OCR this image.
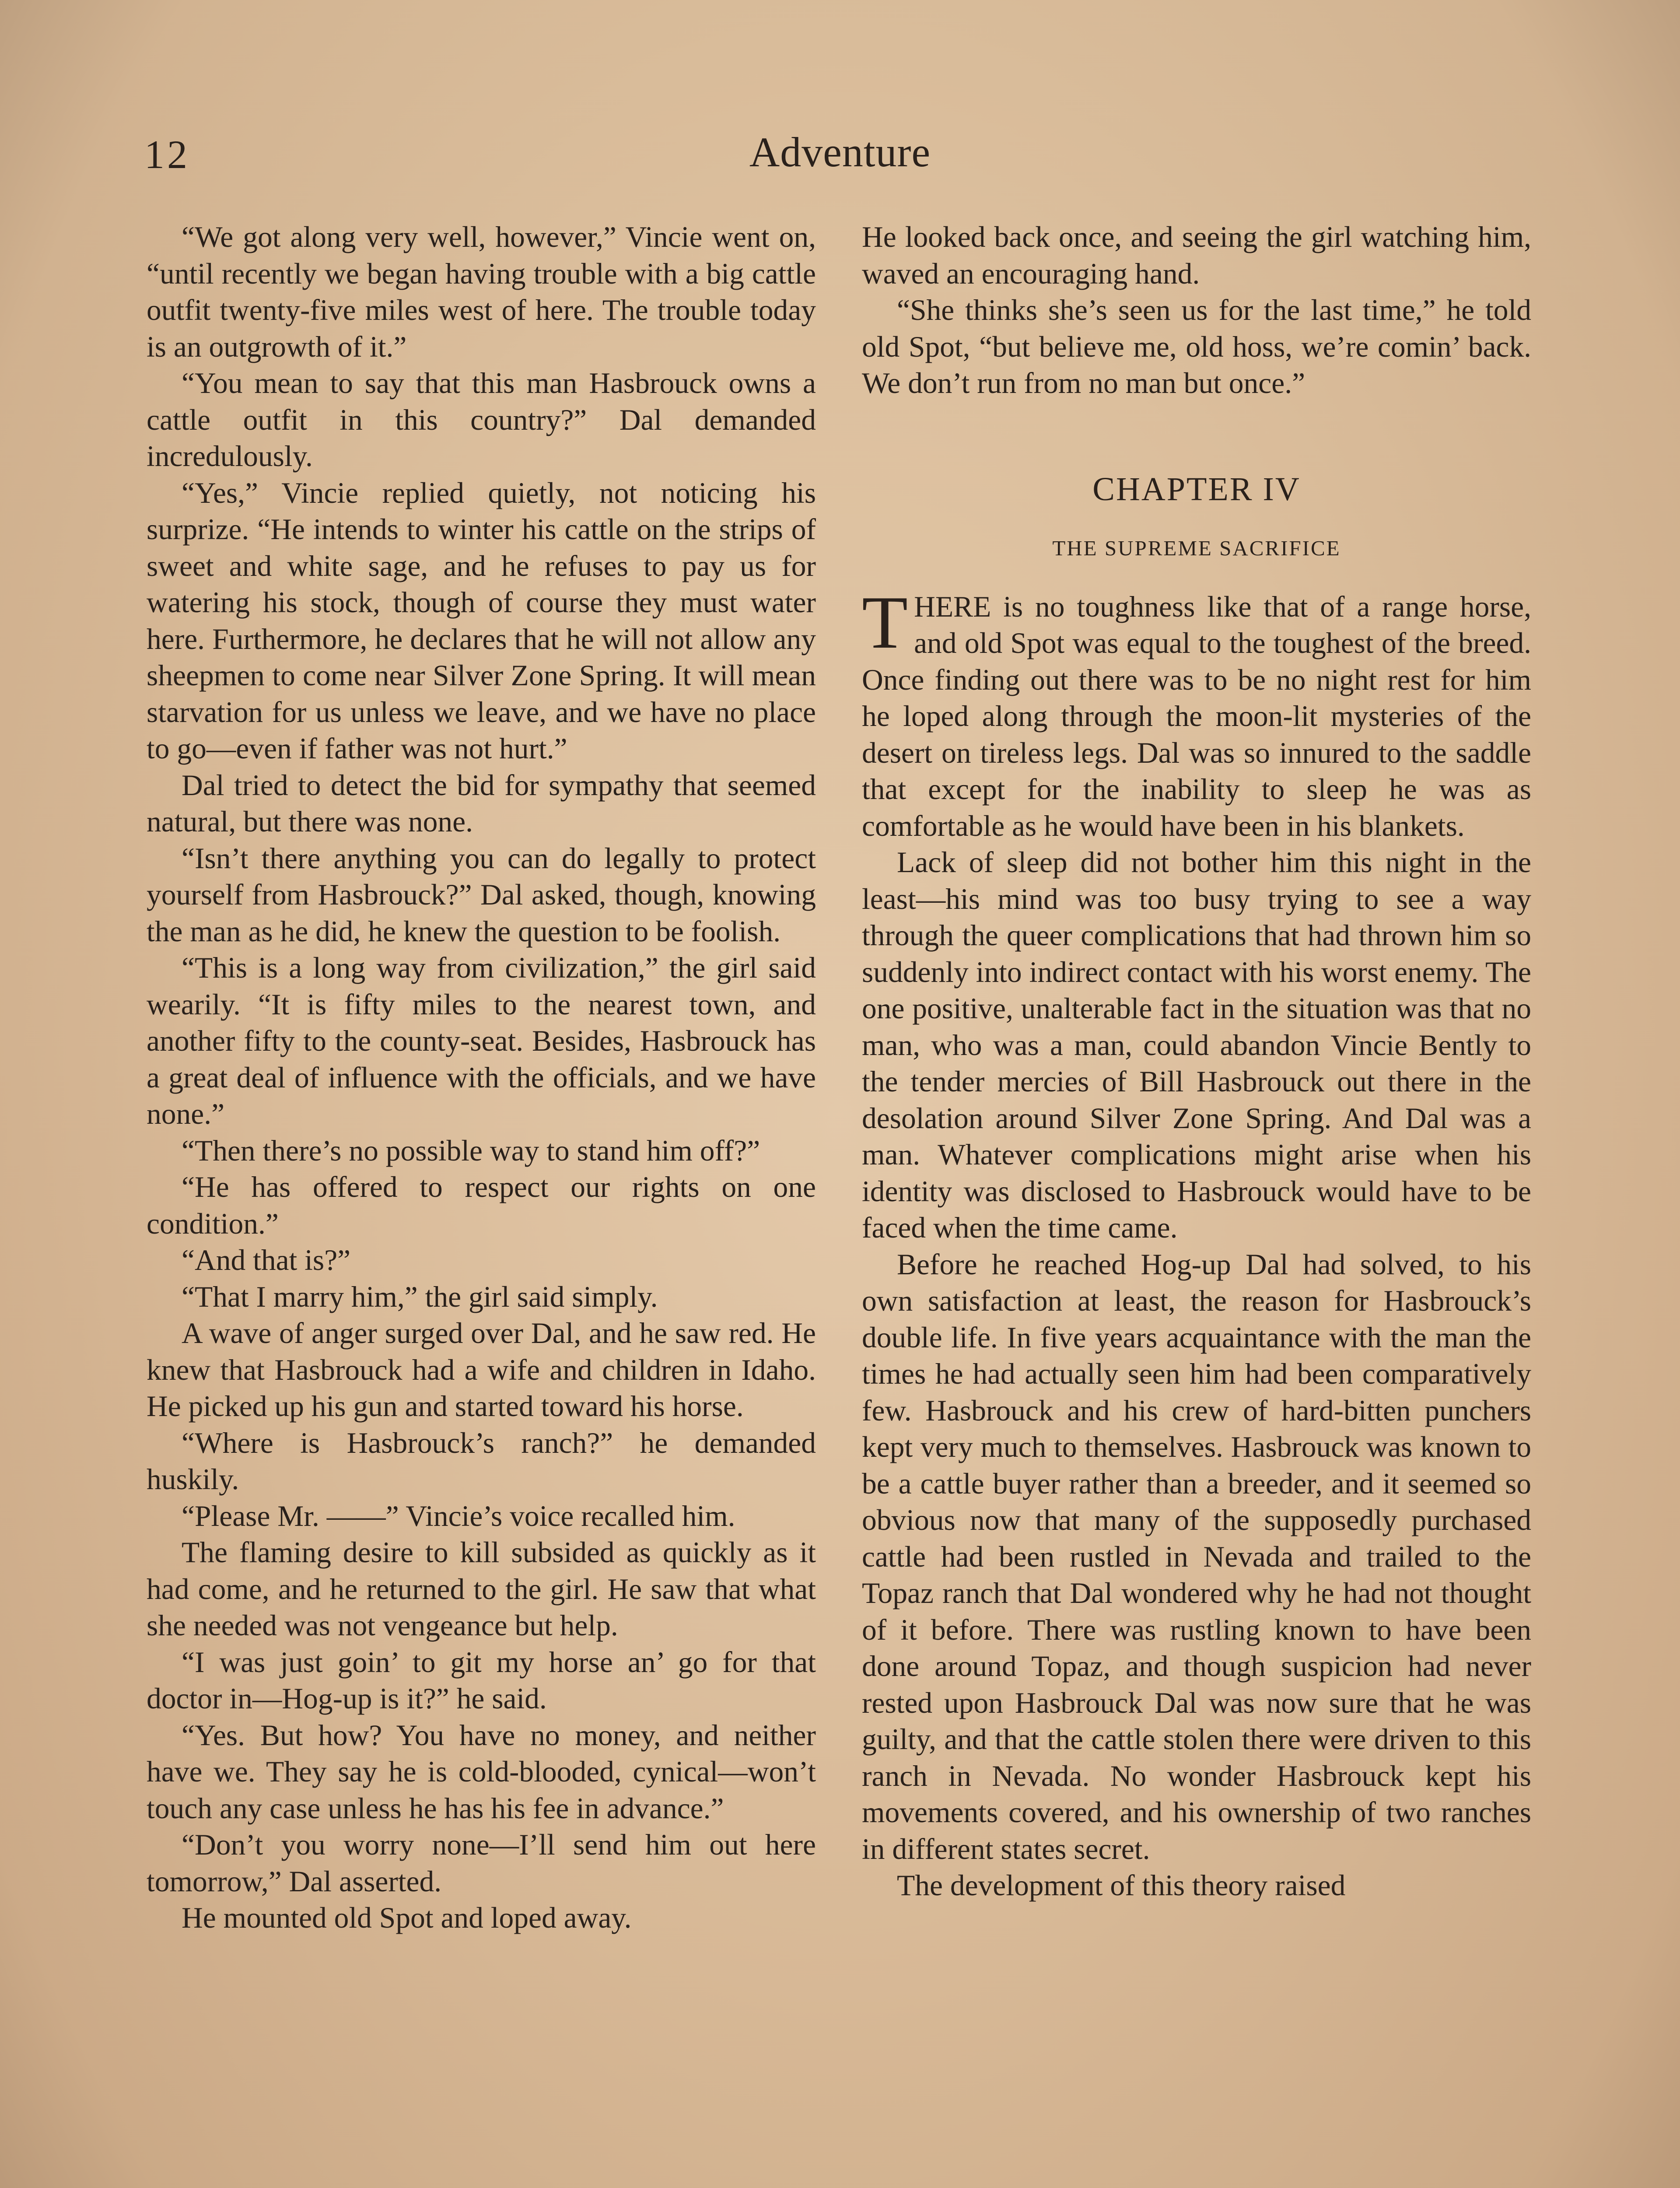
12	Adventure

“We got along very well, however,” Vincie went on, “until recently we began having trouble with a big cattle outfit twenty-five miles west of here. The trouble today is an outgrowth of it.”

“You mean to say that this man Hasbrouck owns a cattle outfit in this country?” Dal demanded incredulously.

“Yes,” Vincie replied quietly, not noticing his surprize. “He intends to winter his cattle on the strips of sweet and white sage, and he refuses to pay us for watering his stock, though of course they must water here. Furthermore, he declares that he will not allow any sheepmen to come near Silver Zone Spring. It will mean starvation for us unless we leave, and we have no place to go—even if father was not hurt.”

Dal tried to detect the bid for sympathy that seemed natural, but there was none.

“Isn’t there anything you can do legally to protect yourself from Hasbrouck?” Dal asked, though, knowing the man as he did, he knew the question to be foolish.

“This is a long way from civilization,” the girl said wearily. “It is fifty miles to the nearest town, and another fifty to the county-seat. Besides, Hasbrouck has a great deal of influence with the officials, and we have none.”

“Then there’s no possible way to stand him off?”

“He has offered to respect our rights on one condition.”

“And that is?”

“That I marry him,” the girl said simply.

A wave of anger surged over Dal, and he saw red. He knew that Hasbrouck had a wife and children in Idaho. He picked up his gun and started toward his horse.

“Where is Hasbrouck’s ranch?” he demanded huskily.

“Please Mr. ——” Vincie’s voice recalled him.

The flaming desire to kill subsided as quickly as it had come, and he returned to the girl. He saw that what she needed was not vengeance but help.

“I was just goin’ to git my horse an’ go for that doctor in—Hog-up is it?” he said.

“Yes. But how? You have no money, and neither have we. They say he is cold-blooded, cynical—won’t touch any case unless he has his fee in advance.”

“Don’t you worry none—I’ll send him out here tomorrow,” Dal asserted.

He mounted old Spot and loped away.

He looked back once, and seeing the girl watching him, waved an encouraging hand.

“She thinks she’s seen us for the last time,” he told old Spot, “but believe me, old hoss, we’re comin’ back. We don’t run from no man but once.”

CHAPTER IV
THE SUPREME SACRIFICE

THERE is no toughness like that of a range horse, and old Spot was equal to the toughest of the breed. Once finding out there was to be no night rest for him he loped along through the moon-lit mysteries of the desert on tireless legs. Dal was so innured to the saddle that except for the inability to sleep he was as comfortable as he would have been in his blankets.

Lack of sleep did not bother him this night in the least—his mind was too busy trying to see a way through the queer complications that had thrown him so suddenly into indirect contact with his worst enemy. The one positive, unalterable fact in the situation was that no man, who was a man, could abandon Vincie Bently to the tender mercies of Bill Hasbrouck out there in the desolation around Silver Zone Spring. And Dal was a man. Whatever complications might arise when his identity was disclosed to Hasbrouck would have to be faced when the time came.

Before he reached Hog-up Dal had solved, to his own satisfaction at least, the reason for Hasbrouck’s double life. In five years acquaintance with the man the times he had actually seen him had been comparatively few. Hasbrouck and his crew of hard-bitten punchers kept very much to themselves. Hasbrouck was known to be a cattle buyer rather than a breeder, and it seemed so obvious now that many of the supposedly purchased cattle had been rustled in Nevada and trailed to the Topaz ranch that Dal wondered why he had not thought of it before. There was rustling known to have been done around Topaz, and though suspicion had never rested upon Hasbrouck Dal was now sure that he was guilty, and that the cattle stolen there were driven to this ranch in Nevada. No wonder Hasbrouck kept his movements covered, and his ownership of two ranches in different states secret.

The development of this theory raised
